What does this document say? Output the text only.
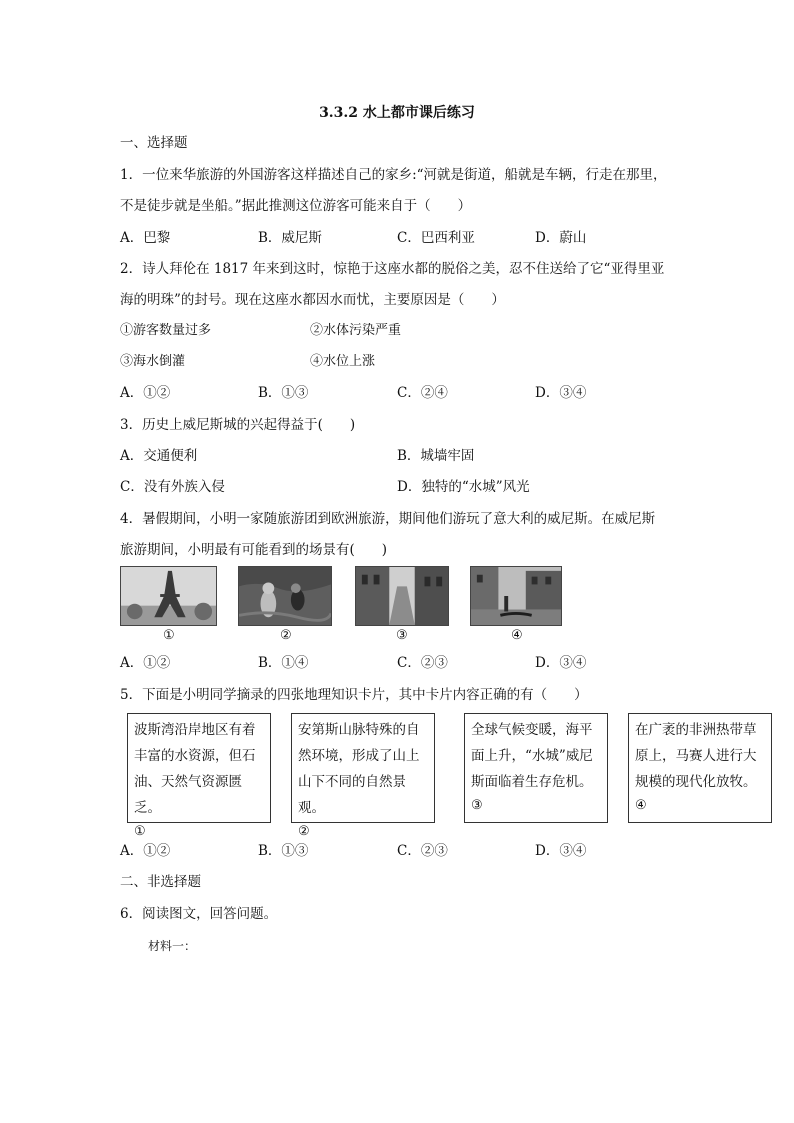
3.3.2 水上都市课后练习
一、选择题
1．一位来华旅游的外国游客这样描述自己的家乡:“河就是街道，船就是车辆，行走在那里，
不是徒步就是坐船。”据此推测这位游客可能来自于（　　）
A．巴黎	B．威尼斯	C．巴西利亚	D．蔚山
2．诗人拜伦在 1817 年来到这时，惊艳于这座水都的脱俗之美，忍不住送给了它“亚得里亚
海的明珠”的封号。现在这座水都因水而忧，主要原因是（　　）
①游客数量过多	②水体污染严重
③海水倒灌	④水位上涨
A．①②	B．①③	C．②④	D．③④
3．历史上威尼斯城的兴起得益于(　　)
A．交通便利	B．城墙牢固
C．没有外族入侵	D．独特的“水城”风光
4．暑假期间，小明一家随旅游团到欧洲旅游，期间他们游玩了意大利的威尼斯。在威尼斯
旅游期间，小明最有可能看到的场景有(　　)
①	②	③	④
A．①②	B．①④	C．②③	D．③④
5．下面是小明同学摘录的四张地理知识卡片，其中卡片内容正确的有（　　）
波斯湾沿岸地区有着丰富的水资源，但石油、天然气资源匮乏。
①
安第斯山脉特殊的自然环境，形成了山上山下不同的自然景观。
②
全球气候变暖，海平面上升，“水城”威尼斯面临着生存危机。
③
在广袤的非洲热带草原上，马赛人进行大规模的现代化放牧。
④
A．①②	B．①③	C．②③	D．③④
二、非选择题
6．阅读图文，回答问题。
材料一：
